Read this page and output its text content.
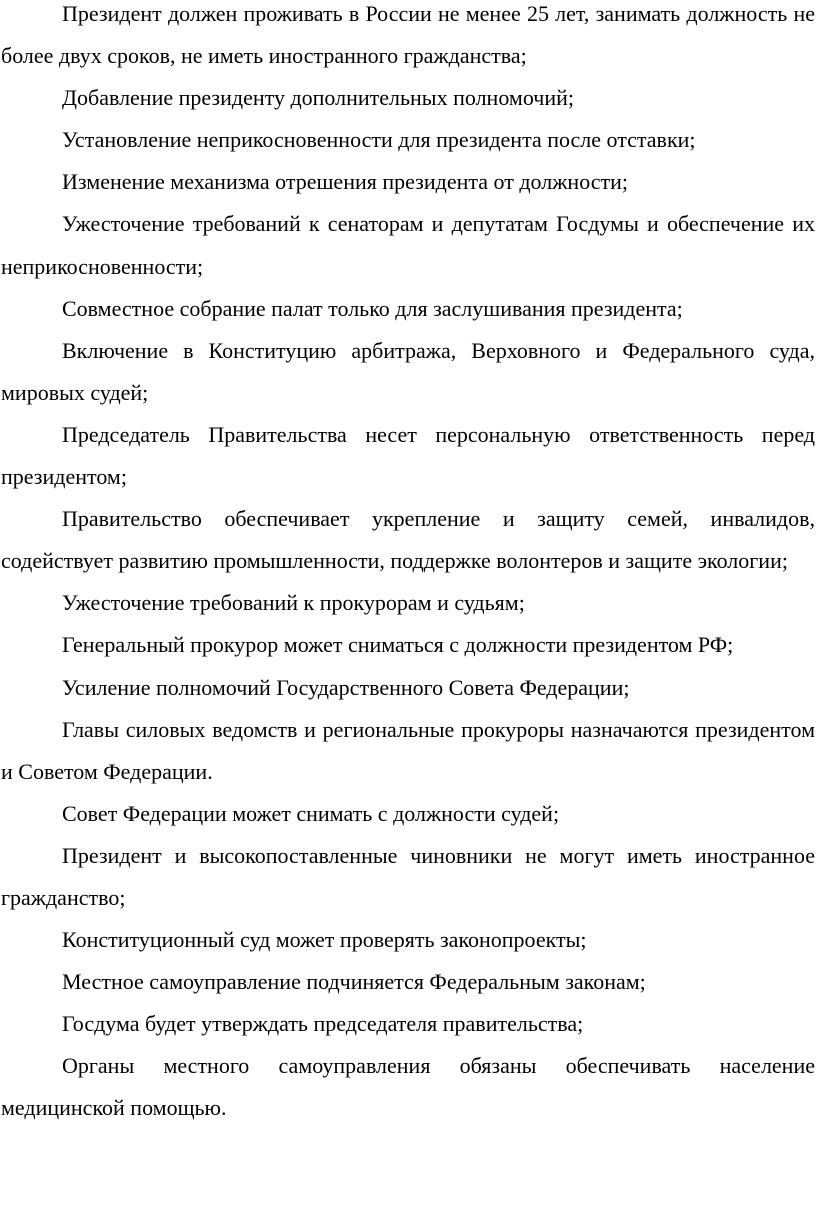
Президент должен проживать в России не менее 25 лет, занимать должность не более двух сроков, не иметь иностранного гражданства;

Добавление президенту дополнительных полномочий;

Установление неприкосновенности для президента после отставки;

Изменение механизма отрешения президента от должности;

Ужесточение требований к сенаторам и депутатам Госдумы и обеспечение их неприкосновенности;

Совместное собрание палат только для заслушивания президента;

Включение в Конституцию арбитража, Верховного и Федерального суда, мировых судей;

Председатель Правительства несет персональную ответственность перед президентом;

Правительство обеспечивает укрепление и защиту семей, инвалидов, содействует развитию промышленности, поддержке волонтеров и защите экологии;

Ужесточение требований к прокурорам и судьям;

Генеральный прокурор может сниматься с должности президентом РФ;

Усиление полномочий Государственного Совета Федерации;

Главы силовых ведомств и региональные прокуроры назначаются президентом и Советом Федерации.

Совет Федерации может снимать с должности судей;

Президент и высокопоставленные чиновники не могут иметь иностранное гражданство;

Конституционный суд может проверять законопроекты;

Местное самоуправление подчиняется Федеральным законам;

Госдума будет утверждать председателя правительства;

Органы местного самоуправления обязаны обеспечивать население медицинской помощью.
